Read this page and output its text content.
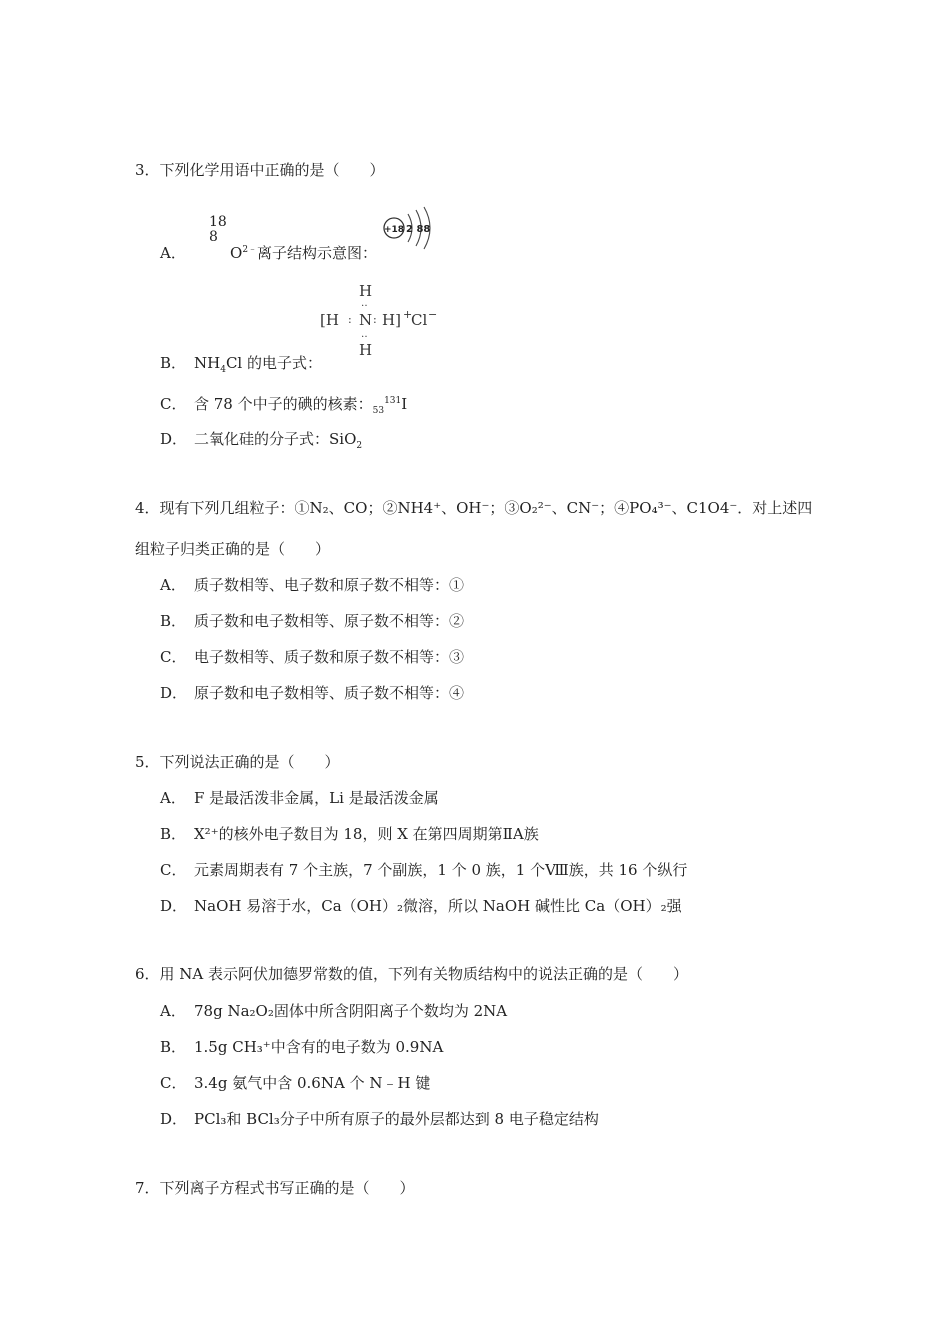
3．下列化学用语中正确的是（　　）
18
8
A．	$O^{2﹣}$离子结构示意图：
+18 2 88
H
‥
[H : N : H] +
Cl −
‥
H
B． $NH_4Cl$ 的电子式：
C． 含 78 个中子的碘的核素：$_{53}^{131}$I
D． 二氧化硅的分子式：SiO$_2$
4．现有下列几组粒子：①N₂、CO；②NH4⁺、OH⁻；③O₂²⁻、CN⁻；④PO₄³⁻、C1O4⁻．对上述四
组粒子归类正确的是（　　）
A． 质子数相等、电子数和原子数不相等：①
B． 质子数和电子数相等、原子数不相等：②
C． 电子数相等、质子数和原子数不相等：③
D． 原子数和电子数相等、质子数不相等：④
5．下列说法正确的是（　　）
A． F 是最活泼非金属，Li 是最活泼金属
B． X²⁺的核外电子数目为 18，则 X 在第四周期第ⅡA族
C． 元素周期表有 7 个主族，7 个副族，1 个 0 族，1 个Ⅷ族，共 16 个纵行
D． NaOH 易溶于水，Ca（OH）₂微溶，所以 NaOH 碱性比 Ca（OH）₂强
6．用 NA 表示阿伏加德罗常数的值，下列有关物质结构中的说法正确的是（　　）
A． 78g Na₂O₂固体中所含阴阳离子个数均为 2NA
B． 1.5g CH₃⁺中含有的电子数为 0.9NA
C． 3.4g 氨气中含 0.6NA 个 N﹣H 键
D． PCl₃和 BCl₃分子中所有原子的最外层都达到 8 电子稳定结构
7．下列离子方程式书写正确的是（　　）
